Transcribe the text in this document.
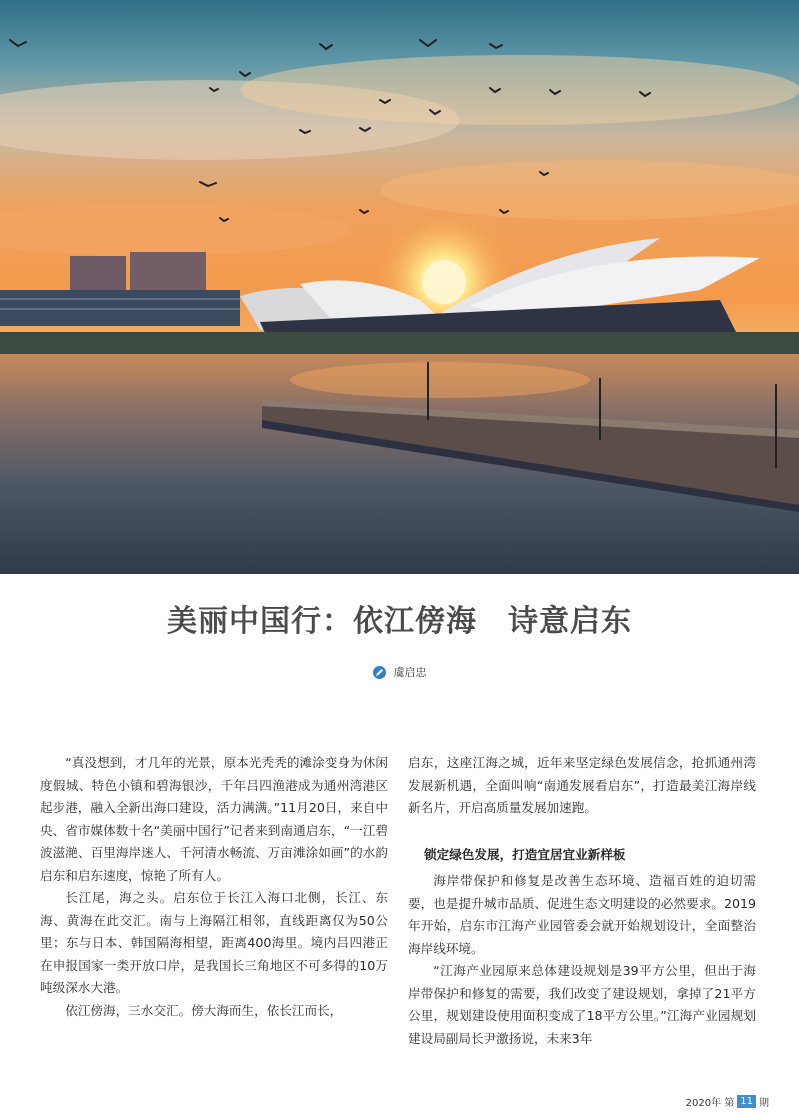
美丽中国行：依江傍海　诗意启东
虞启忠

“真没想到，才几年的光景，原本光秃秃的滩涂变身为休闲度假城、特色小镇和碧海银沙，千年吕四渔港成为通州湾港区起步港，融入全新出海口建设，活力满满。”11月20日，来自中央、省市媒体数十名“美丽中国行”记者来到南通启东，“一江碧波滋滟、百里海岸迷人、千河清水畅流、万亩滩涂如画”的水韵启东和启东速度，惊艳了所有人。

长江尾，海之头。启东位于长江入海口北侧，长江、东海、黄海在此交汇。南与上海隔江相邻，直线距离仅为50公里；东与日本、韩国隔海相望，距离400海里。境内吕四港正在申报国家一类开放口岸，是我国长三角地区不可多得的10万吨级深水大港。

依江傍海，三水交汇。傍大海而生，依长江而长，

启东，这座江海之城，近年来坚定绿色发展信念，抢抓通州湾发展新机遇，全面叫响“南通发展看启东”，打造最美江海岸线新名片，开启高质量发展加速跑。

锁定绿色发展，打造宜居宜业新样板

海岸带保护和修复是改善生态环境、造福百姓的迫切需要，也是提升城市品质、促进生态文明建设的必然要求。2019年开始，启东市江海产业园管委会就开始规划设计，全面整治海岸线环境。

“江海产业园原来总体建设规划是39平方公里，但出于海岸带保护和修复的需要，我们改变了建设规划，拿掉了21平方公里，规划建设使用面积变成了18平方公里。”江海产业园规划建设局副局长尹激扬说，未来3年

2020年 第 11 期
